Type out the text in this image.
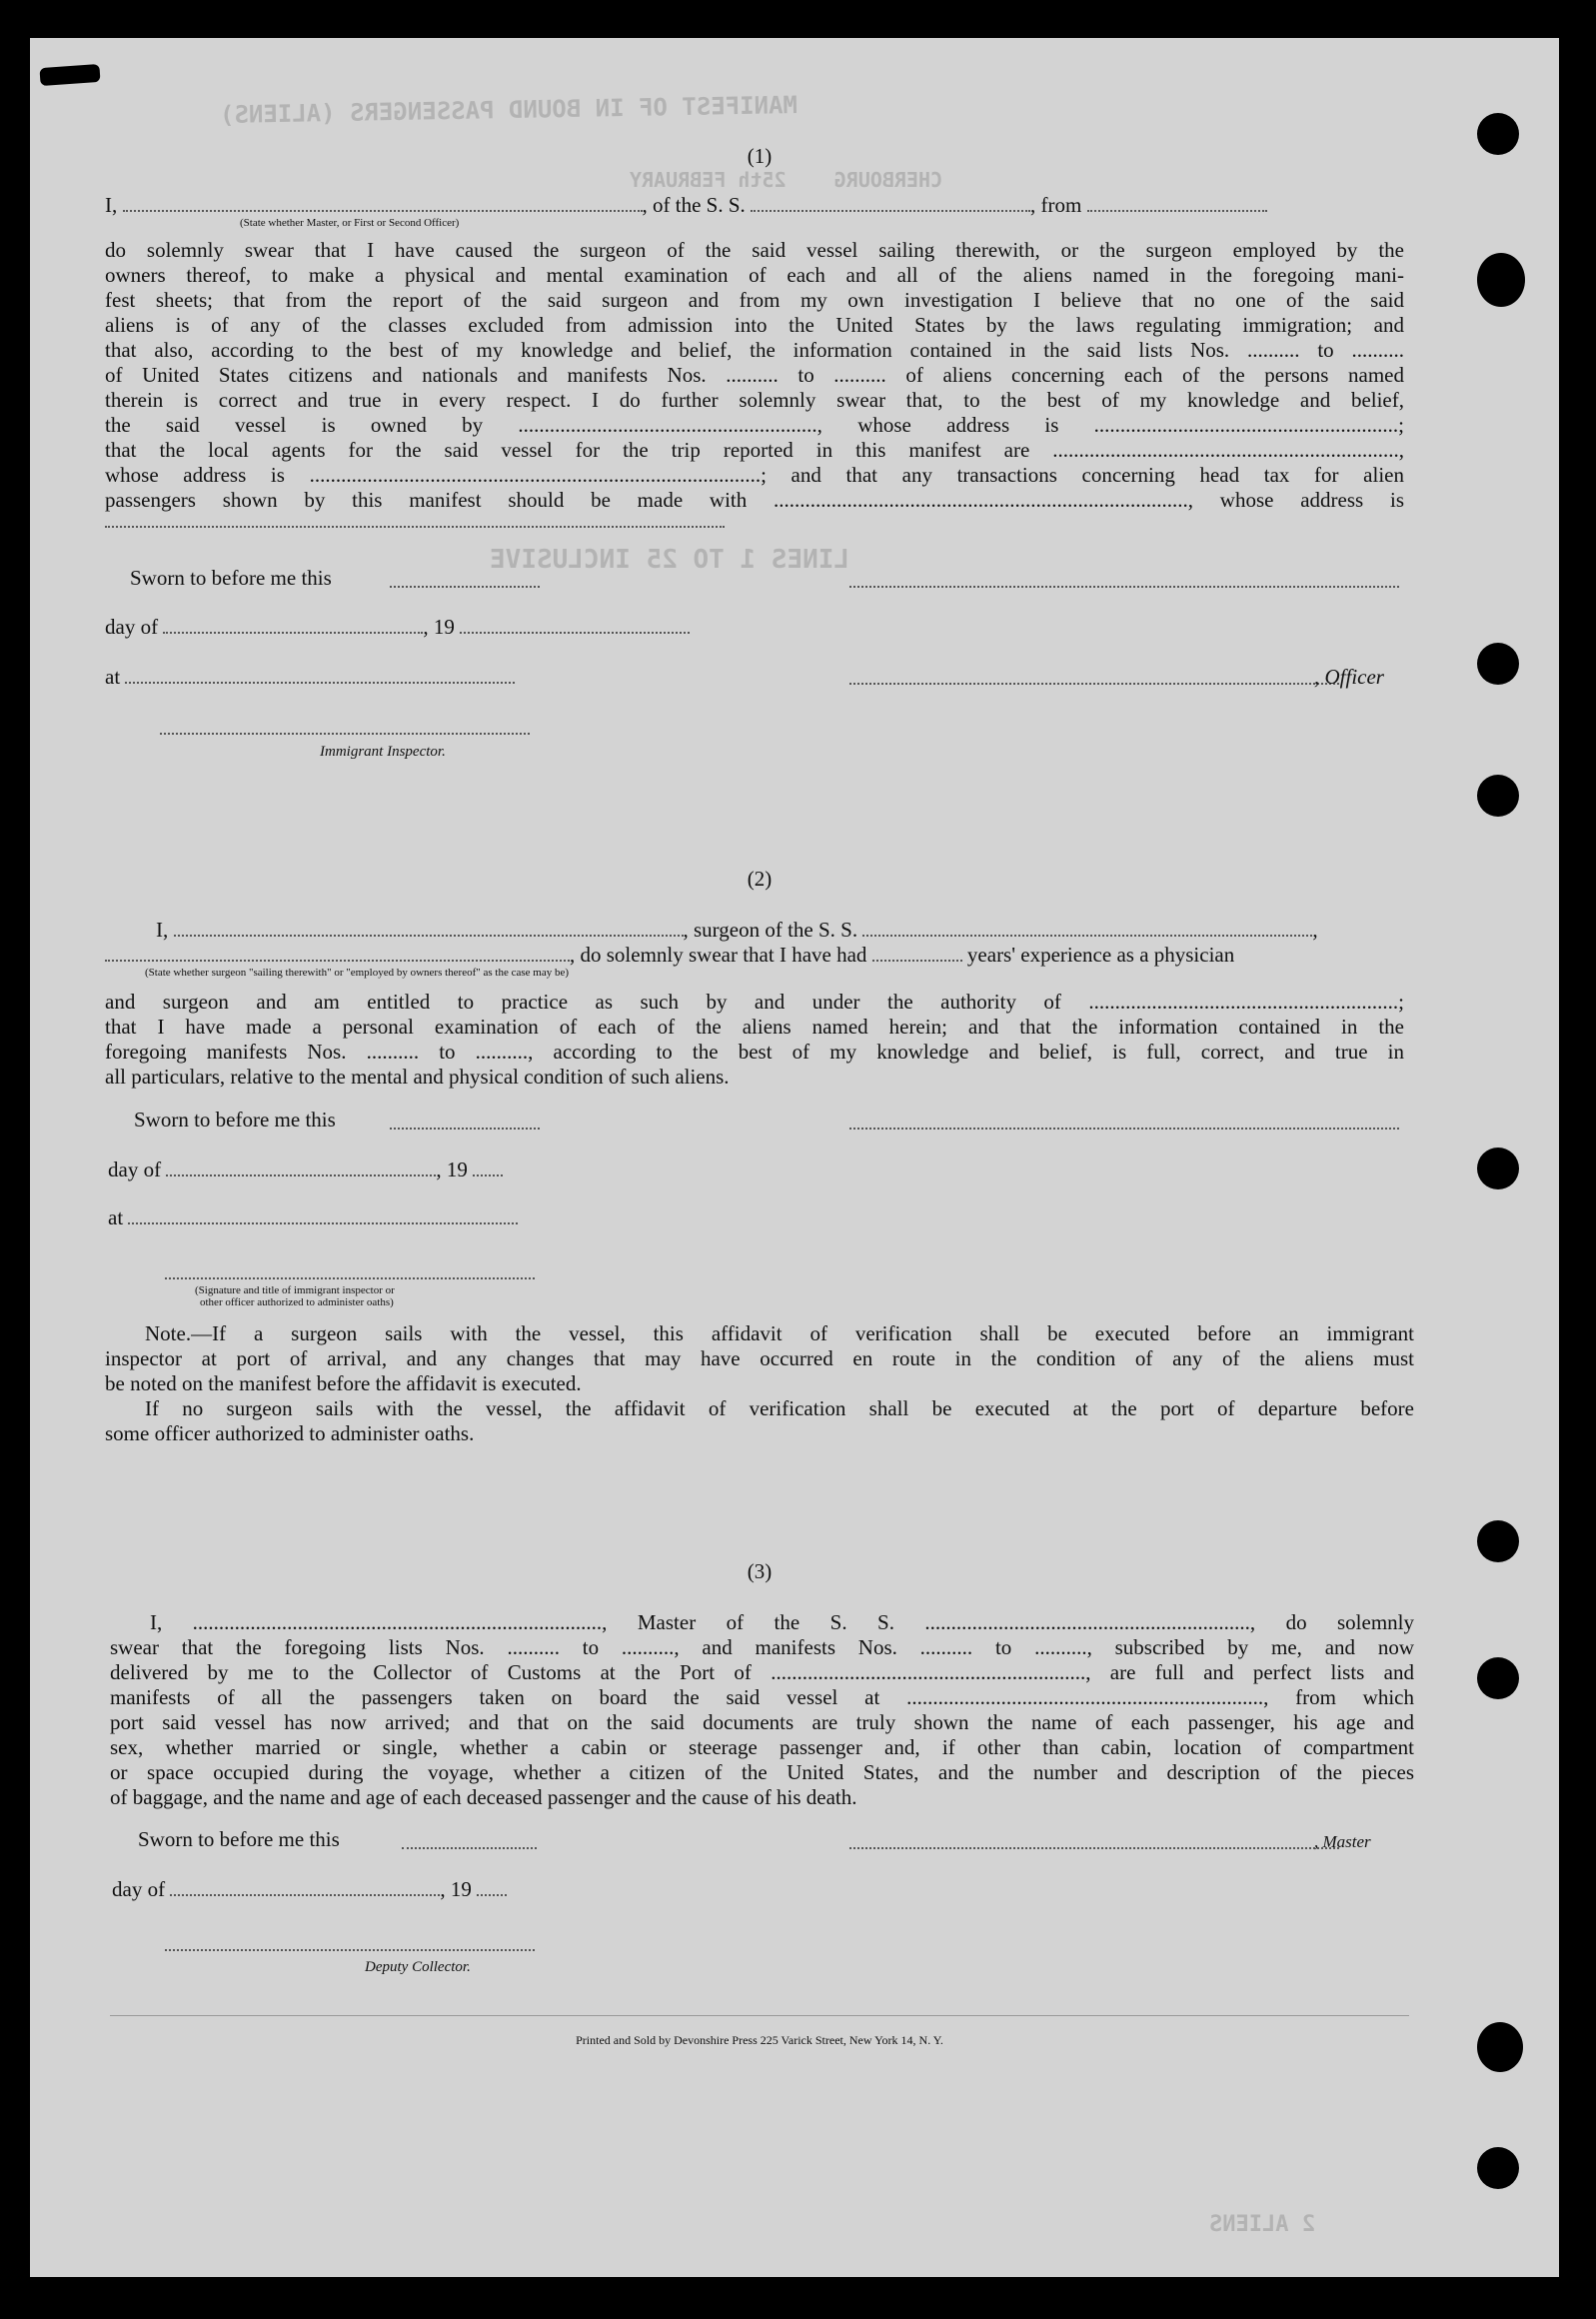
MANIFEST OF IN BOUND PASSENGERS (ALIENS)
CHERBOURG    25th FEBRUARY
LINES 1 TO 25 INCLUSIVE
2 ALIENS
(1)
I,	, of the S. S.	, from
(State whether Master, or First or Second Officer)
do solemnly swear that I have caused the surgeon of the said vessel sailing therewith, or the surgeon employed by the
owners thereof, to make a physical and mental examination of each and all of the aliens named in the foregoing mani-
fest sheets; that from the report of the said surgeon and from my own investigation I believe that no one of the said
aliens is of any of the classes excluded from admission into the United States by the laws regulating immigration; and
that also, according to the best of my knowledge and belief, the information contained in the said lists Nos. .......... to ..........
of United States citizens and nationals and manifests Nos. .......... to .......... of aliens concerning each of the persons named
therein is correct and true in every respect. I do further solemnly swear that, to the best of my knowledge and belief,
the said vessel is owned by ........................................................., whose address is ..........................................................;
that the local agents for the said vessel for the trip reported in this manifest are ..................................................................,
whose address is ......................................................................................; and that any transactions concerning head tax for alien
passengers shown by this manifest should be made with ..............................................................................., whose address is
Sworn to before me this
day of	, 19
at	, Officer
Immigrant Inspector.
(2)
I,	, surgeon of the S. S.	,
, do solemnly swear that I have had	years' experience as a physician
(State whether surgeon "sailing therewith" or "employed by owners thereof" as the case may be)
and surgeon and am entitled to practice as such by and under the authority of ...........................................................;
that I have made a personal examination of each of the aliens named herein; and that the information contained in the
foregoing manifests Nos. .......... to .........., according to the best of my knowledge and belief, is full, correct, and true in
all particulars, relative to the mental and physical condition of such aliens.
Sworn to before me this
day of	, 19
at
(Signature and title of immigrant inspector or
other officer authorized to administer oaths)
Note.—If a surgeon sails with the vessel, this affidavit of verification shall be executed before an immigrant
inspector at port of arrival, and any changes that may have occurred en route in the condition of any of the aliens must
be noted on the manifest before the affidavit is executed.
If no surgeon sails with the vessel, the affidavit of verification shall be executed at the port of departure before
some officer authorized to administer oaths.
(3)
I, .............................................................................., Master of the S. S. .............................................................., do solemnly
swear that the foregoing lists Nos. .......... to .........., and manifests Nos. .......... to .........., subscribed by me, and now
delivered by me to the Collector of Customs at the Port of ............................................................, are full and perfect lists and
manifests of all the passengers taken on board the said vessel at ...................................................................., from which
port said vessel has now arrived; and that on the said documents are truly shown the name of each passenger, his age and
sex, whether married or single, whether a cabin or steerage passenger and, if other than cabin, location of compartment
or space occupied during the voyage, whether a citizen of the United States, and the number and description of the pieces
of baggage, and the name and age of each deceased passenger and the cause of his death.
Sworn to before me this	, Master
day of	, 19
Deputy Collector.
Printed and Sold by Devonshire Press 225 Varick Street, New York 14, N. Y.
